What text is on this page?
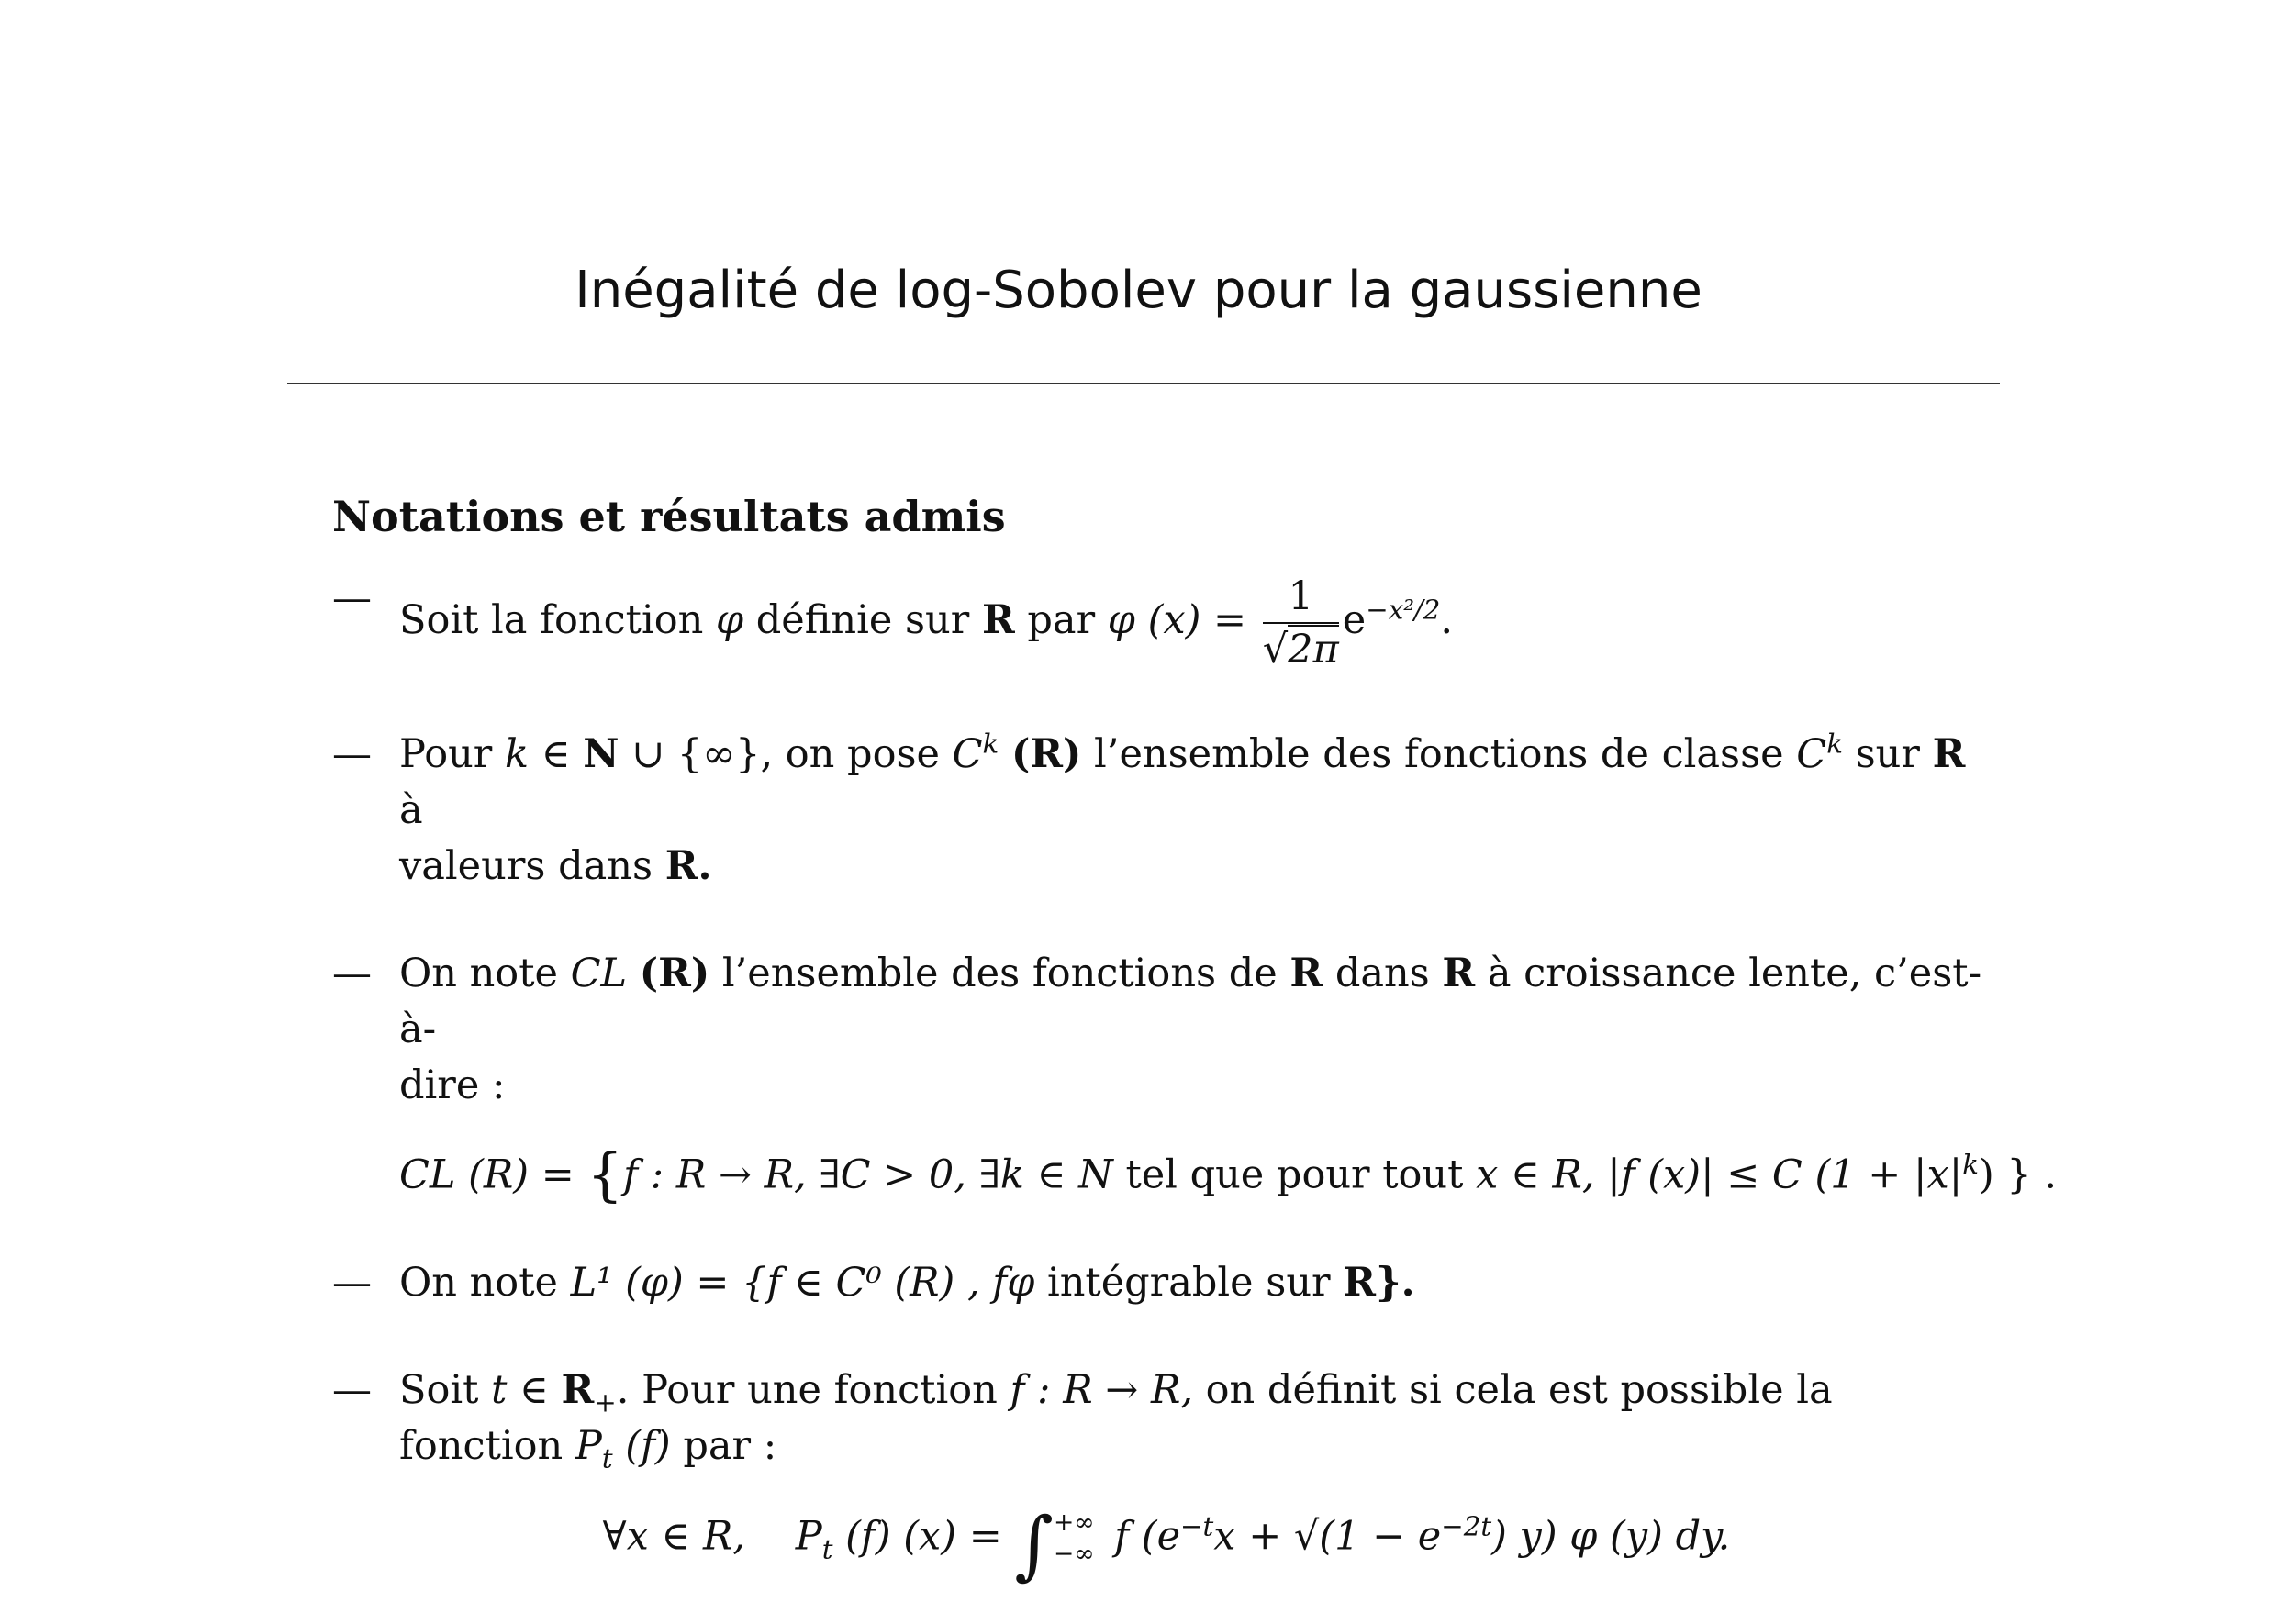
Inégalité de log-Sobolev pour la gaussienne
Notations et résultats admis
— Soit la fonction φ définie sur R par φ $(x) = \frac{1}{√2\pi} e^{-x^2/2}$.
— Pour k ∈ N ∪ {∞}, on pose $C^k$ (R) l’ensemble des fonctions de classe $C^k$ sur R à
valeurs dans R.
— On note CL (R) l’ensemble des fonctions de R dans R à croissance lente, c’est-à-
dire :
CL (R) = {f : R → R, ∃C > 0, ∃k ∈ N tel que pour tout x ∈ R, |f (x)| ≤ C $(1 + |x|^k)$ } .
— On note L¹ (φ) = {f ∈ C⁰ (R) , fφ intégrable sur R}.
— Soit t ∈ $R_+$. Pour une fonction f : R → R, on définit si cela est possible la
fonction $P_t$ (f) par :
∀x ∈ R, $P_t$ (f) (x) = ∫ +∞
−∞ f ($e^{-t}x + √(1 - e^{-2t})$ y) φ (y) dy.
